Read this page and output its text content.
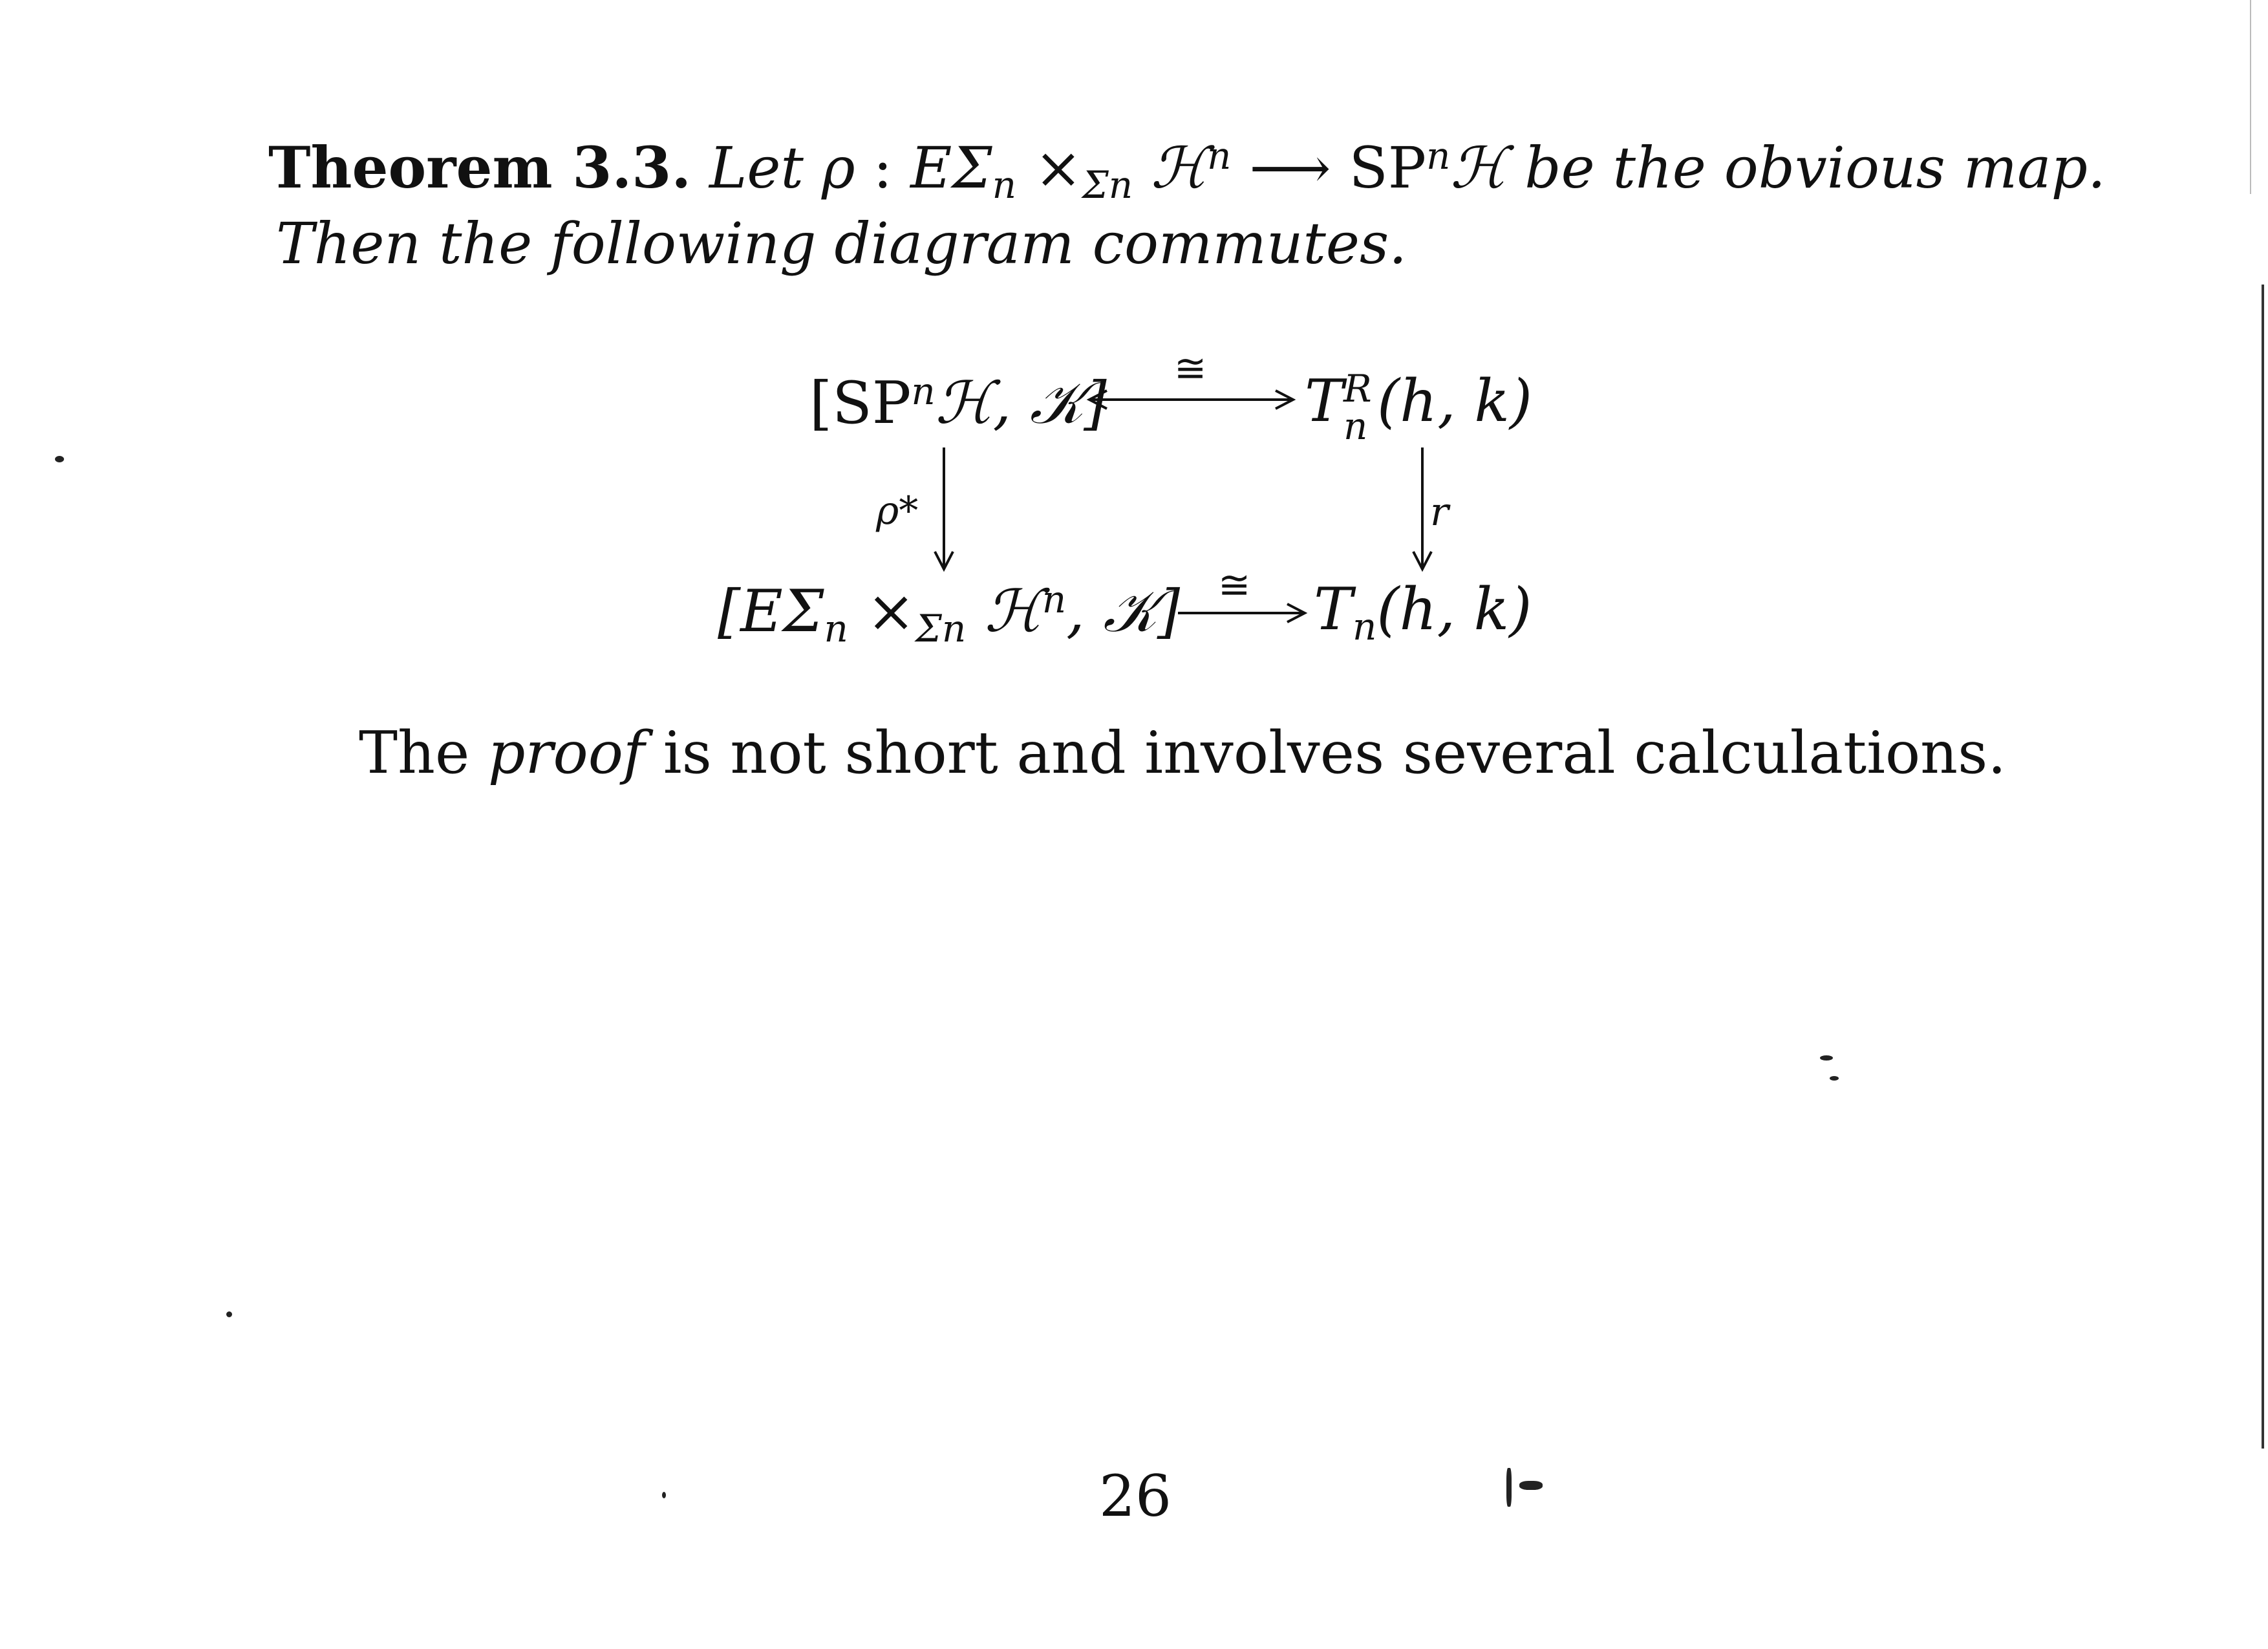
Theorem 3.3. Let ρ : $E\Sigma_n \times_{\Sigma n}$ ℋ$^n$ ⟶ $SP^nℋ$ be the obvious map.
Then the following diagram commutes.
[$SP^nℋ$, 𝒦]	T R
n (h, k)
[$E\Sigma_n \times_{\Sigma n}$ ℋ$^n$, 𝒦] $T_n(h$, k)
≅
≅
ρ*	r
The proof is not short and involves several calculations.
26
